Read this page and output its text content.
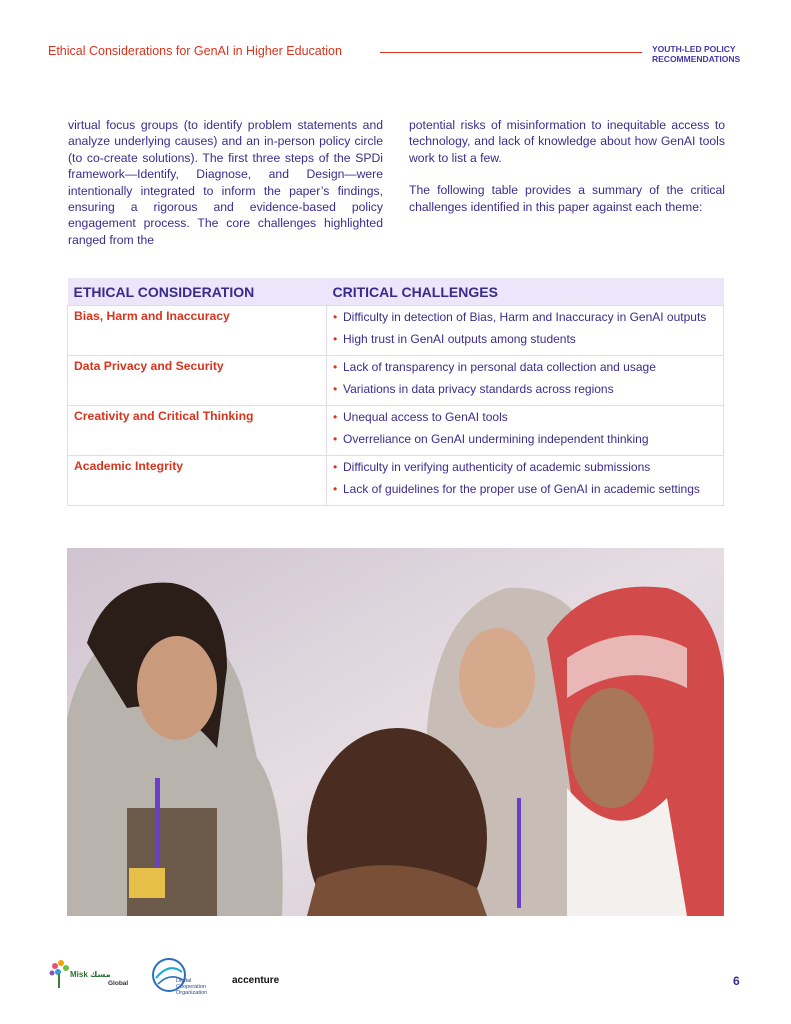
Ethical Considerations for GenAI in Higher Education	YOUTH-LED POLICY
RECOMMENDATIONS

virtual focus groups (to identify problem statements and analyze underlying causes) and an in-person policy circle (to co-create solutions). The first three steps of the SPDi framework—Identify, Diagnose, and Design—were intentionally integrated to inform the paper’s findings, ensuring a rigorous and evidence-based policy engagement process. The core challenges highlighted ranged from the

potential risks of misinformation to inequitable access to technology, and lack of knowledge about how GenAI tools work to list a few.

The following table provides a summary of the critical challenges identified in this paper against each theme:

ETHICAL CONSIDERATION	CRITICAL CHALLENGES
Bias, Harm and Inaccuracy	• Difficulty in detection of Bias, Harm and Inaccuracy in GenAI outputs
• High trust in GenAI outputs among students

Data Privacy and Security	• Lack of transparency in personal data collection and usage
• Variations in data privacy standards across regions

Creativity and Critical Thinking	• Unequal access to GenAI tools
• Overreliance on GenAI undermining independent thinking

Academic Integrity	• Difficulty in verifying authenticity of academic submissions
• Lack of guidelines for the proper use of GenAI in academic settings
Misk مسك
Global	Digital
Cooperation
Organization
accenture	6
